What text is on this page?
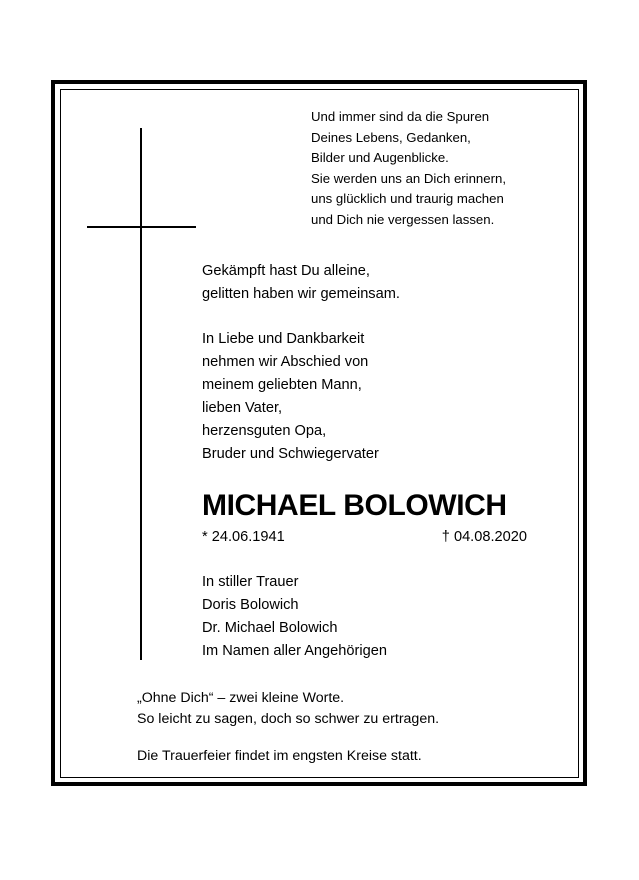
Und immer sind da die Spuren
Deines Lebens, Gedanken,
Bilder und Augenblicke.
Sie werden uns an Dich erinnern,
uns glücklich und traurig machen
und Dich nie vergessen lassen.

Gekämpft hast Du alleine,
gelitten haben wir gemeinsam.

In Liebe und Dankbarkeit
nehmen wir Abschied von
meinem geliebten Mann,
lieben Vater,
herzensguten Opa,
Bruder und Schwiegervater

MICHAEL BOLOWICH

* 24.06.1941	† 04.08.2020

In stiller Trauer
Doris Bolowich
Dr. Michael Bolowich
Im Namen aller Angehörigen

„Ohne Dich“ – zwei kleine Worte.
So leicht zu sagen, doch so schwer zu ertragen.

Die Trauerfeier findet im engsten Kreise statt.
